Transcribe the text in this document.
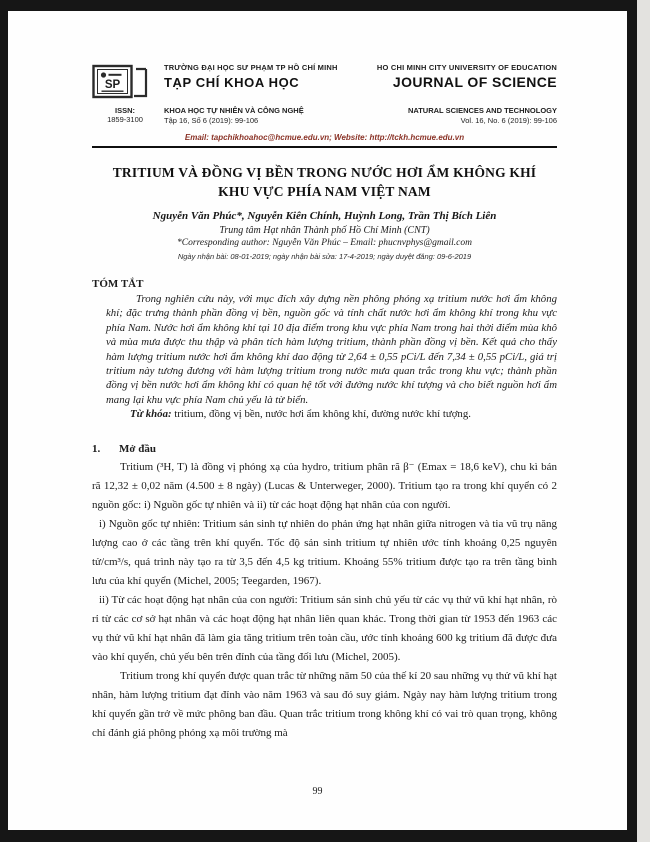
SP
TRƯỜNG ĐẠI HỌC SƯ PHẠM TP HỒ CHÍ MINH
TẠP CHÍ KHOA HỌC
HO CHI MINH CITY UNIVERSITY OF EDUCATION
JOURNAL OF SCIENCE
ISSN:
1859-3100
KHOA HỌC TỰ NHIÊN VÀ CÔNG NGHỆ
Tập 16, Số 6 (2019): 99-106
NATURAL SCIENCES AND TECHNOLOGY
Vol. 16, No. 6 (2019): 99-106
Email: tapchikhoahoc@hcmue.edu.vn; Website: http://tckh.hcmue.edu.vn
TRITIUM VÀ ĐỒNG VỊ BỀN TRONG NƯỚC HƠI ẨM KHÔNG KHÍ
KHU VỰC PHÍA NAM VIỆT NAM
Nguyễn Văn Phúc*, Nguyễn Kiên Chính, Huỳnh Long, Trần Thị Bích Liên
Trung tâm Hạt nhân Thành phố Hồ Chí Minh (CNT)
*Corresponding author: Nguyễn Văn Phúc – Email: phucnvphys@gmail.com
Ngày nhận bài: 08-01-2019; ngày nhận bài sửa: 17-4-2019; ngày duyệt đăng: 09-6-2019
TÓM TẮT

Trong nghiên cứu này, với mục đích xây dựng nền phông phóng xạ tritium nước hơi ẩm không khí; đặc trưng thành phần đồng vị bền, nguồn gốc và tính chất nước hơi ẩm không khí trong khu vực phía Nam. Nước hơi ẩm không khí tại 10 địa điểm trong khu vực phía Nam trong hai thời điểm mùa khô và mùa mưa được thu thập và phân tích hàm lượng tritium, thành phần đồng vị bền. Kết quả cho thấy hàm lượng tritium nước hơi ẩm không khí dao động từ 2,64 ± 0,55 pCi/L đến 7,34 ± 0,55 pCi/L, giá trị tritium này tương đương với hàm lượng tritium trong nước mưa quan trắc trong khu vực; thành phần đồng vị bền nước hơi ẩm không khí có quan hệ tốt với đường nước khí tượng và cho biết nguồn hơi ẩm mang lại khu vực phía Nam chủ yếu là từ biển.

Từ khóa: tritium, đồng vị bền, nước hơi ẩm không khí, đường nước khí tượng.

1.	Mở đầu

Tritium (³H, T) là đồng vị phóng xạ của hydro, tritium phân rã β⁻ (Emax = 18,6 keV), chu kì bán rã 12,32 ± 0,02 năm (4.500 ± 8 ngày) (Lucas & Unterweger, 2000). Tritium tạo ra trong khí quyển có 2 nguồn gốc: i) Nguồn gốc tự nhiên và ii) từ các hoạt động hạt nhân của con người.

i) Nguồn gốc tự nhiên: Tritium sản sinh tự nhiên do phản ứng hạt nhân giữa nitrogen và tia vũ trụ năng lượng cao ở các tầng trên khí quyển. Tốc độ sản sinh tritium tự nhiên ước tính khoảng 0,25 nguyên tử/cm³/s, quá trình này tạo ra từ 3,5 đến 4,5 kg tritium. Khoảng 55% tritium được tạo ra trên tầng bình lưu của khí quyển (Michel, 2005; Teegarden, 1967).

ii) Từ các hoạt động hạt nhân của con người: Tritium sản sinh chủ yếu từ các vụ thử vũ khí hạt nhân, rò rỉ từ các cơ sở hạt nhân và các hoạt động hạt nhân liên quan khác. Trong thời gian từ 1953 đến 1963 các vụ thử vũ khí hạt nhân đã làm gia tăng tritium trên toàn cầu, ước tính khoảng 600 kg tritium đã được đưa vào khí quyển, chủ yếu bên trên đỉnh của tầng đối lưu (Michel, 2005).

Tritium trong khí quyển được quan trắc từ những năm 50 của thế kỉ 20 sau những vụ thử vũ khí hạt nhân, hàm lượng tritium đạt đỉnh vào năm 1963 và sau đó suy giảm. Ngày nay hàm lượng tritium trong khí quyển gần trở về mức phông ban đầu. Quan trắc tritium trong không khí có vai trò quan trọng, không chỉ đánh giá phông phóng xạ môi trường mà

99
